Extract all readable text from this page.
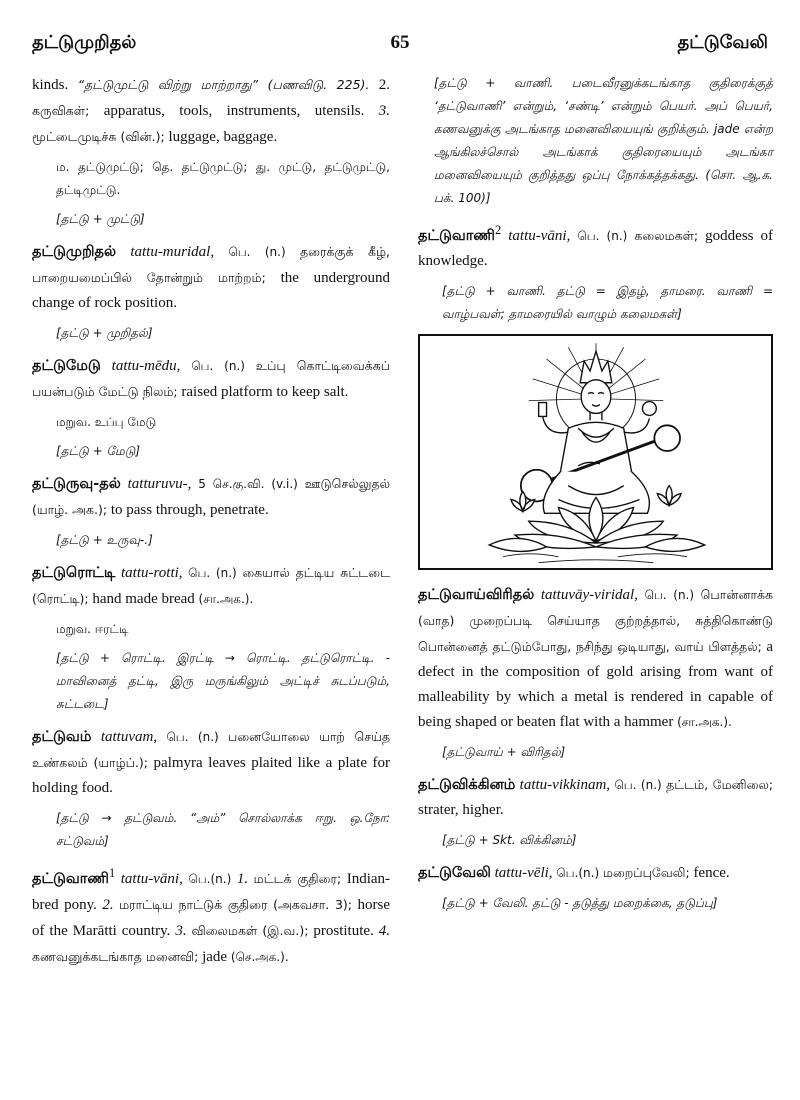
தட்டுமுறிதல்	65	தட்டுவேலி

kinds. “தட்டுமுட்டு விற்று மாற்றாது” (பணவிடு. 225). 2. கருவிகள்; apparatus, tools, instruments, utensils. 3. மூட்டைமுடிச்சு (வின்.); luggage, baggage.

ம. தட்டுமுட்டு; தெ. தட்டுமுட்டு; து. முட்டு, தட்டுமுட்டு, தட்டிமுட்டு.
[தட்டு + முட்டு]

தட்டுமுறிதல் tattu-muridal, பெ. (n.) தரைக்குக் கீழ், பாறையமைப்பில் தோன்றும் மாற்றம்; the underground change of rock position.

[தட்டு + முறிதல்]

தட்டுமேடு tattu-mēdu, பெ. (n.) உப்பு கொட்டிவைக்கப் பயன்படும் மேட்டு நிலம்; raised platform to keep salt.

மறுவ. உப்பு மேடு
[தட்டு + மேடு]

தட்டுருவு-தல் tatturuvu-, 5 செ.கு.வி. (v.i.) ஊடுசெல்லுதல் (யாழ். அக.); to pass through, penetrate.

[தட்டு + உருவு-.]

தட்டுரொட்டி tattu-rotti, பெ. (n.) கையால் தட்டிய சுட்டடை (ரொட்டி); hand made bread (சா.அக.).

மறுவ. ஈரட்டி
[தட்டு + ரொட்டி. இரட்டி → ரொட்டி. தட்டுரொட்டி. - மாவினைத் தட்டி, இரு மருங்கிலும் அட்டிச் சுடப்படும், சுட்டடை]

தட்டுவம் tattuvam, பெ. (n.) பனையோலை யாற் செய்த உண்கலம் (யாழ்ப்.); palmyra leaves plaited like a plate for holding food.

[தட்டு → தட்டுவம். “அம்” சொல்லாக்க ஈறு. ஒ.நோ: சட்டுவம்]

தட்டுவாணி$^1$ tattu-vāni, பெ.(n.) 1. மட்டக் குதிரை; Indian-bred pony. 2. மராட்டிய நாட்டுக் குதிரை (அகவசா. 3); horse of the Marātti country. 3. விலைமகள் (இ.வ.); prostitute. 4. கணவனுக்கடங்காத மனைவி; jade (செ.அக.).

[தட்டு + வாணி. படைவீரனுக்கடங்காத குதிரைக்குத் ‘தட்டுவாணி’ என்றும், ‘சண்டி’ என்றும் பெயர். அப் பெயர், கணவனுக்கு அடங்காத மனைவியையுங் குறிக்கும். jade என்ற ஆங்கிலச்சொல் அடங்காக் குதிரையையும் அடங்கா மனைவியையும் குறித்தது ஒப்பு நோக்கத்தக்கது. (சொ. ஆ.க. பக். 100)]

தட்டுவாணி$^2$ tattu-vāni, பெ. (n.) கலைமகள்; goddess of knowledge.

[தட்டு + வாணி. தட்டு = இதழ், தாமரை. வாணி = வாழ்பவள்; தாமரையில் வாழும் கலைமகள்]

தட்டுவாய்விரிதல் tattuvāy-viridal, பெ. (n.) பொன்னாக்க (வாத) முறைப்படி செய்யாத குற்றத்தால், சுத்திகொண்டு பொன்னைத் தட்டும்போது, நசிந்து ஒடியாது, வாய் பிளத்தல்; a defect in the composition of gold arising from want of malleability by which a metal is rendered in capable of being shaped or beaten flat with a hammer (சா.அக.).

[தட்டுவாய் + விரிதல்]

தட்டுவிக்கினம் tattu-vikkinam, பெ. (n.) தட்டம், மேனிலை; strater, higher.

[தட்டு + Skt. விக்கினம்]

தட்டுவேலி tattu-vēli, பெ.(n.) மறைப்புவேலி; fence.

[தட்டு + வேலி. தட்டு - தடுத்து மறைக்கை, தடுப்பு]
